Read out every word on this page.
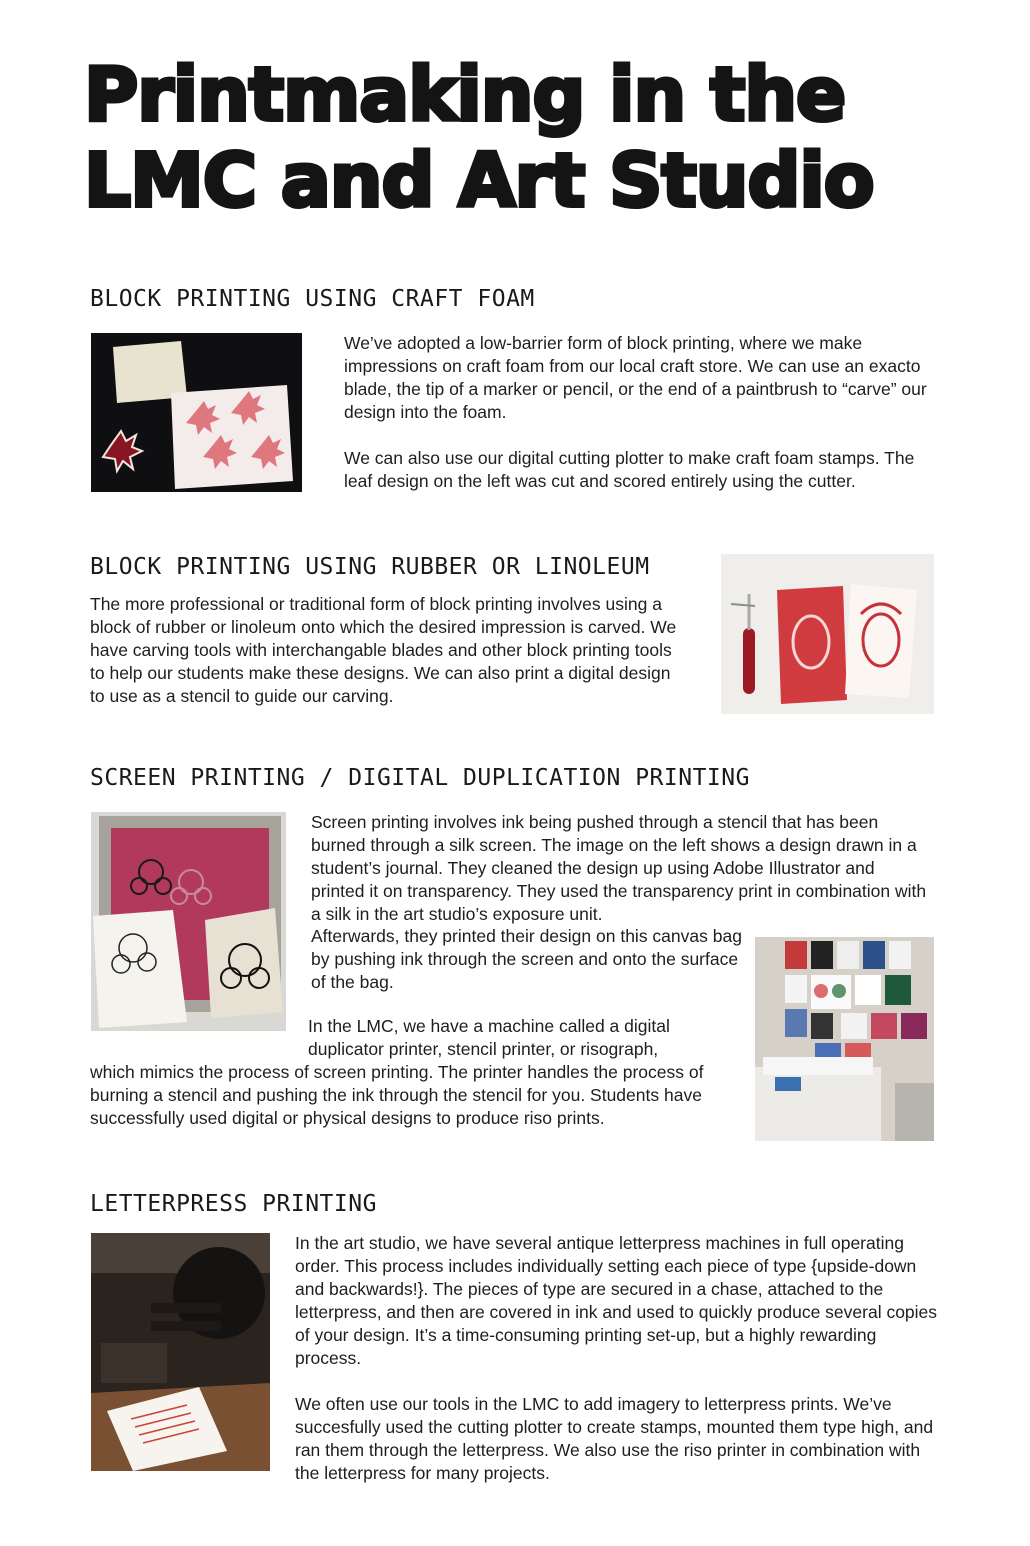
Printmaking in the LMC and Art Studio
BLOCK PRINTING USING CRAFT FOAM

We’ve adopted a low-barrier form of block printing, where we make impressions on craft foam from our local craft store. We can use an exacto blade, the tip of a marker or pencil, or the end of a paintbrush to “carve” our design into the foam.

We can also use our digital cutting plotter to make craft foam stamps. The leaf design on the left was cut and scored entirely using the cutter.

BLOCK PRINTING USING RUBBER OR LINOLEUM

The more professional or traditional form of block printing involves using a block of rubber or linoleum onto which the desired impression is carved. We have carving tools with interchangable blades and other block printing tools to help our students make these designs. We can also print a digital design to use as a stencil to guide our carving.

SCREEN PRINTING / DIGITAL DUPLICATION PRINTING

Screen printing involves ink being pushed through a stencil that has been burned through a silk screen. The image on the left shows a design drawn in a student’s journal. They cleaned the design up using Adobe Illustrator and printed it on transparency. They used the transparency print in combination with a silk in the art studio’s exposure unit.

Afterwards, they printed their design on this canvas bag by pushing ink through the screen and onto the surface of the bag.

In the LMC, we have a machine called a digital duplicator printer, stencil printer, or risograph,

which mimics the process of screen printing. The printer handles the process of burning a stencil and pushing the ink through the stencil for you. Students have successfully used digital or physical designs to produce riso prints.

LETTERPRESS PRINTING

In the art studio, we have several antique letterpress machines in full operating order. This process includes individually setting each piece of type {upside-down and backwards!}. The pieces of type are secured in a chase, attached to the letterpress, and then are covered in ink and used to quickly produce several copies of your design. It’s a time-consuming printing set-up, but a highly rewarding process.

We often use our tools in the LMC to add imagery to letterpress prints. We’ve succesfully used the cutting plotter to create stamps, mounted them type high, and ran them through the letterpress. We also use the riso printer in combination with the letterpress for many projects.
